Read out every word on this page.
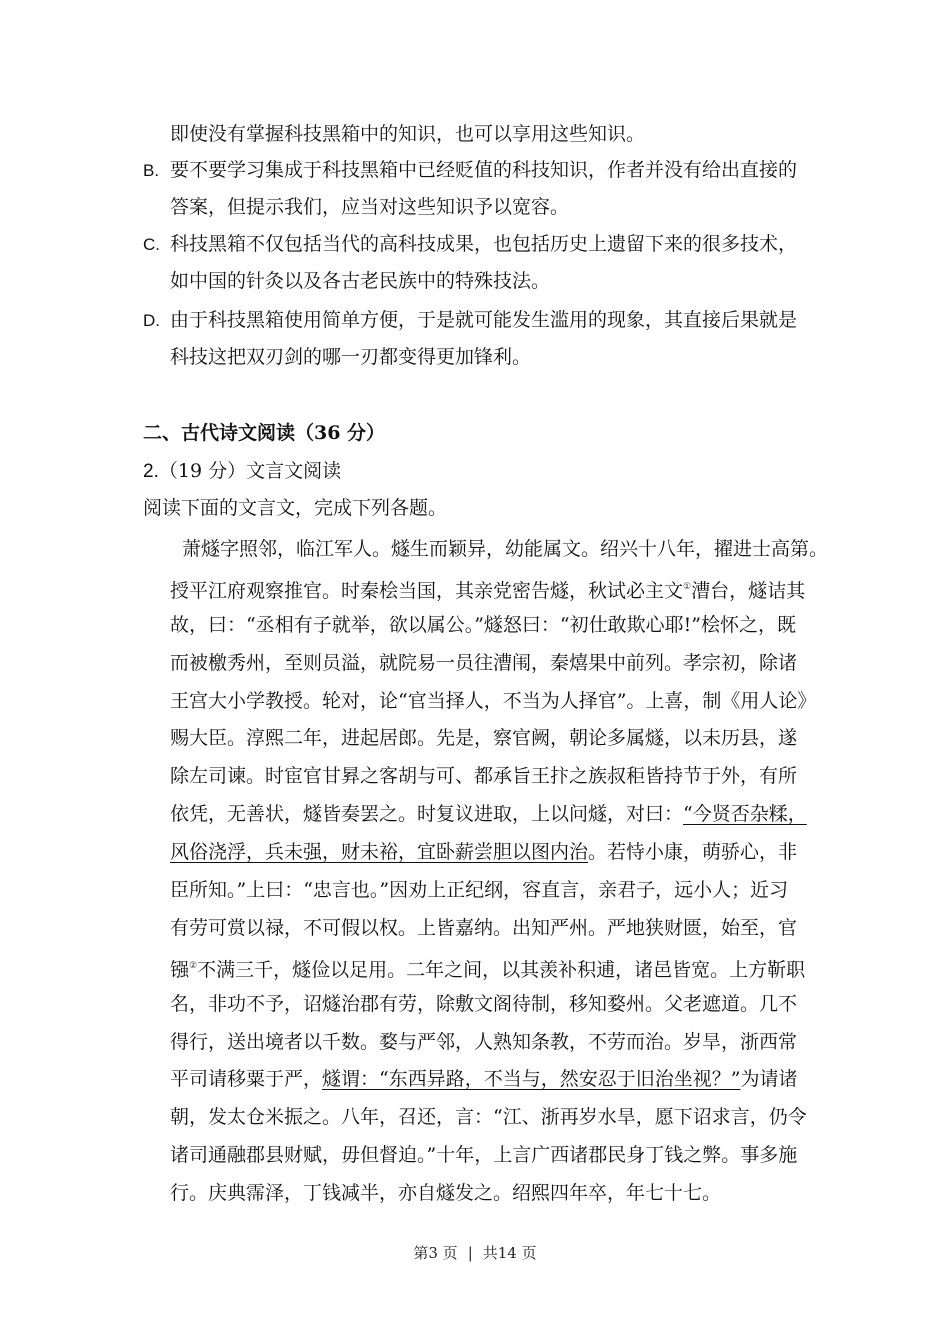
即使没有掌握科技黑箱中的知识，也可以享用这些知识。
B. 要不要学习集成于科技黑箱中已经贬值的科技知识，作者并没有给出直接的
答案，但提示我们，应当对这些知识予以宽容。
C. 科技黑箱不仅包括当代的高科技成果，也包括历史上遗留下来的很多技术，
如中国的针灸以及各古老民族中的特殊技法。
D. 由于科技黑箱使用简单方便，于是就可能发生滥用的现象，其直接后果就是
科技这把双刃剑的哪一刃都变得更加锋利。
二、古代诗文阅读（36 分）
2.（19 分）文言文阅读
阅读下面的文言文，完成下列各题。
萧燧字照邻，临江军人。燧生而颖异，幼能属文。绍兴十八年，擢进士高第。
授平江府观察推官。时秦桧当国，其亲党密告燧，秋试必主文①漕台，燧诘其
故，曰：“丞相有子就举，欲以属公。”燧怒曰：“初仕敢欺心耶!”桧怀之，既
而被檄秀州，至则员溢，就院易一员往漕闱，秦熺果中前列。孝宗初，除诸
王宫大小学教授。轮对，论“官当择人，不当为人择官”。上喜，制《用人论》
赐大臣。淳熙二年，进起居郎。先是，察官阙，朝论多属燧，以未历县，遂
除左司谏。时宦官甘昪之客胡与可、都承旨王抃之族叔秬皆持节于外，有所
依凭，无善状，燧皆奏罢之。时复议进取，上以问燧，对曰：“今贤否杂糅，
风俗浇浮，兵未强，财未裕，宜卧薪尝胆以图内治。若恃小康，萌骄心，非
臣所知。”上曰：“忠言也。”因劝上正纪纲，容直言，亲君子，远小人；近习
有劳可赏以禄，不可假以权。上皆嘉纳。出知严州。严地狭财匮，始至，官
镪②不满三千，燧俭以足用。二年之间，以其羡补积逋，诸邑皆宽。上方靳职
名，非功不予，诏燧治郡有劳，除敷文阁待制，移知婺州。父老遮道。几不
得行，送出境者以千数。婺与严邻，人熟知条教，不劳而治。岁旱，浙西常
平司请移粟于严，燧谓：“东西异路，不当与，然安忍于旧治坐视？”为请诸
朝，发太仓米振之。八年，召还，言：“江、浙再岁水旱，愿下诏求言，仍令
诸司通融郡县财赋，毋但督迫。”十年，上言广西诸郡民身丁钱之弊。事多施
行。庆典霈泽，丁钱减半，亦自燧发之。绍熙四年卒，年七十七。
第3 页 | 共14 页
